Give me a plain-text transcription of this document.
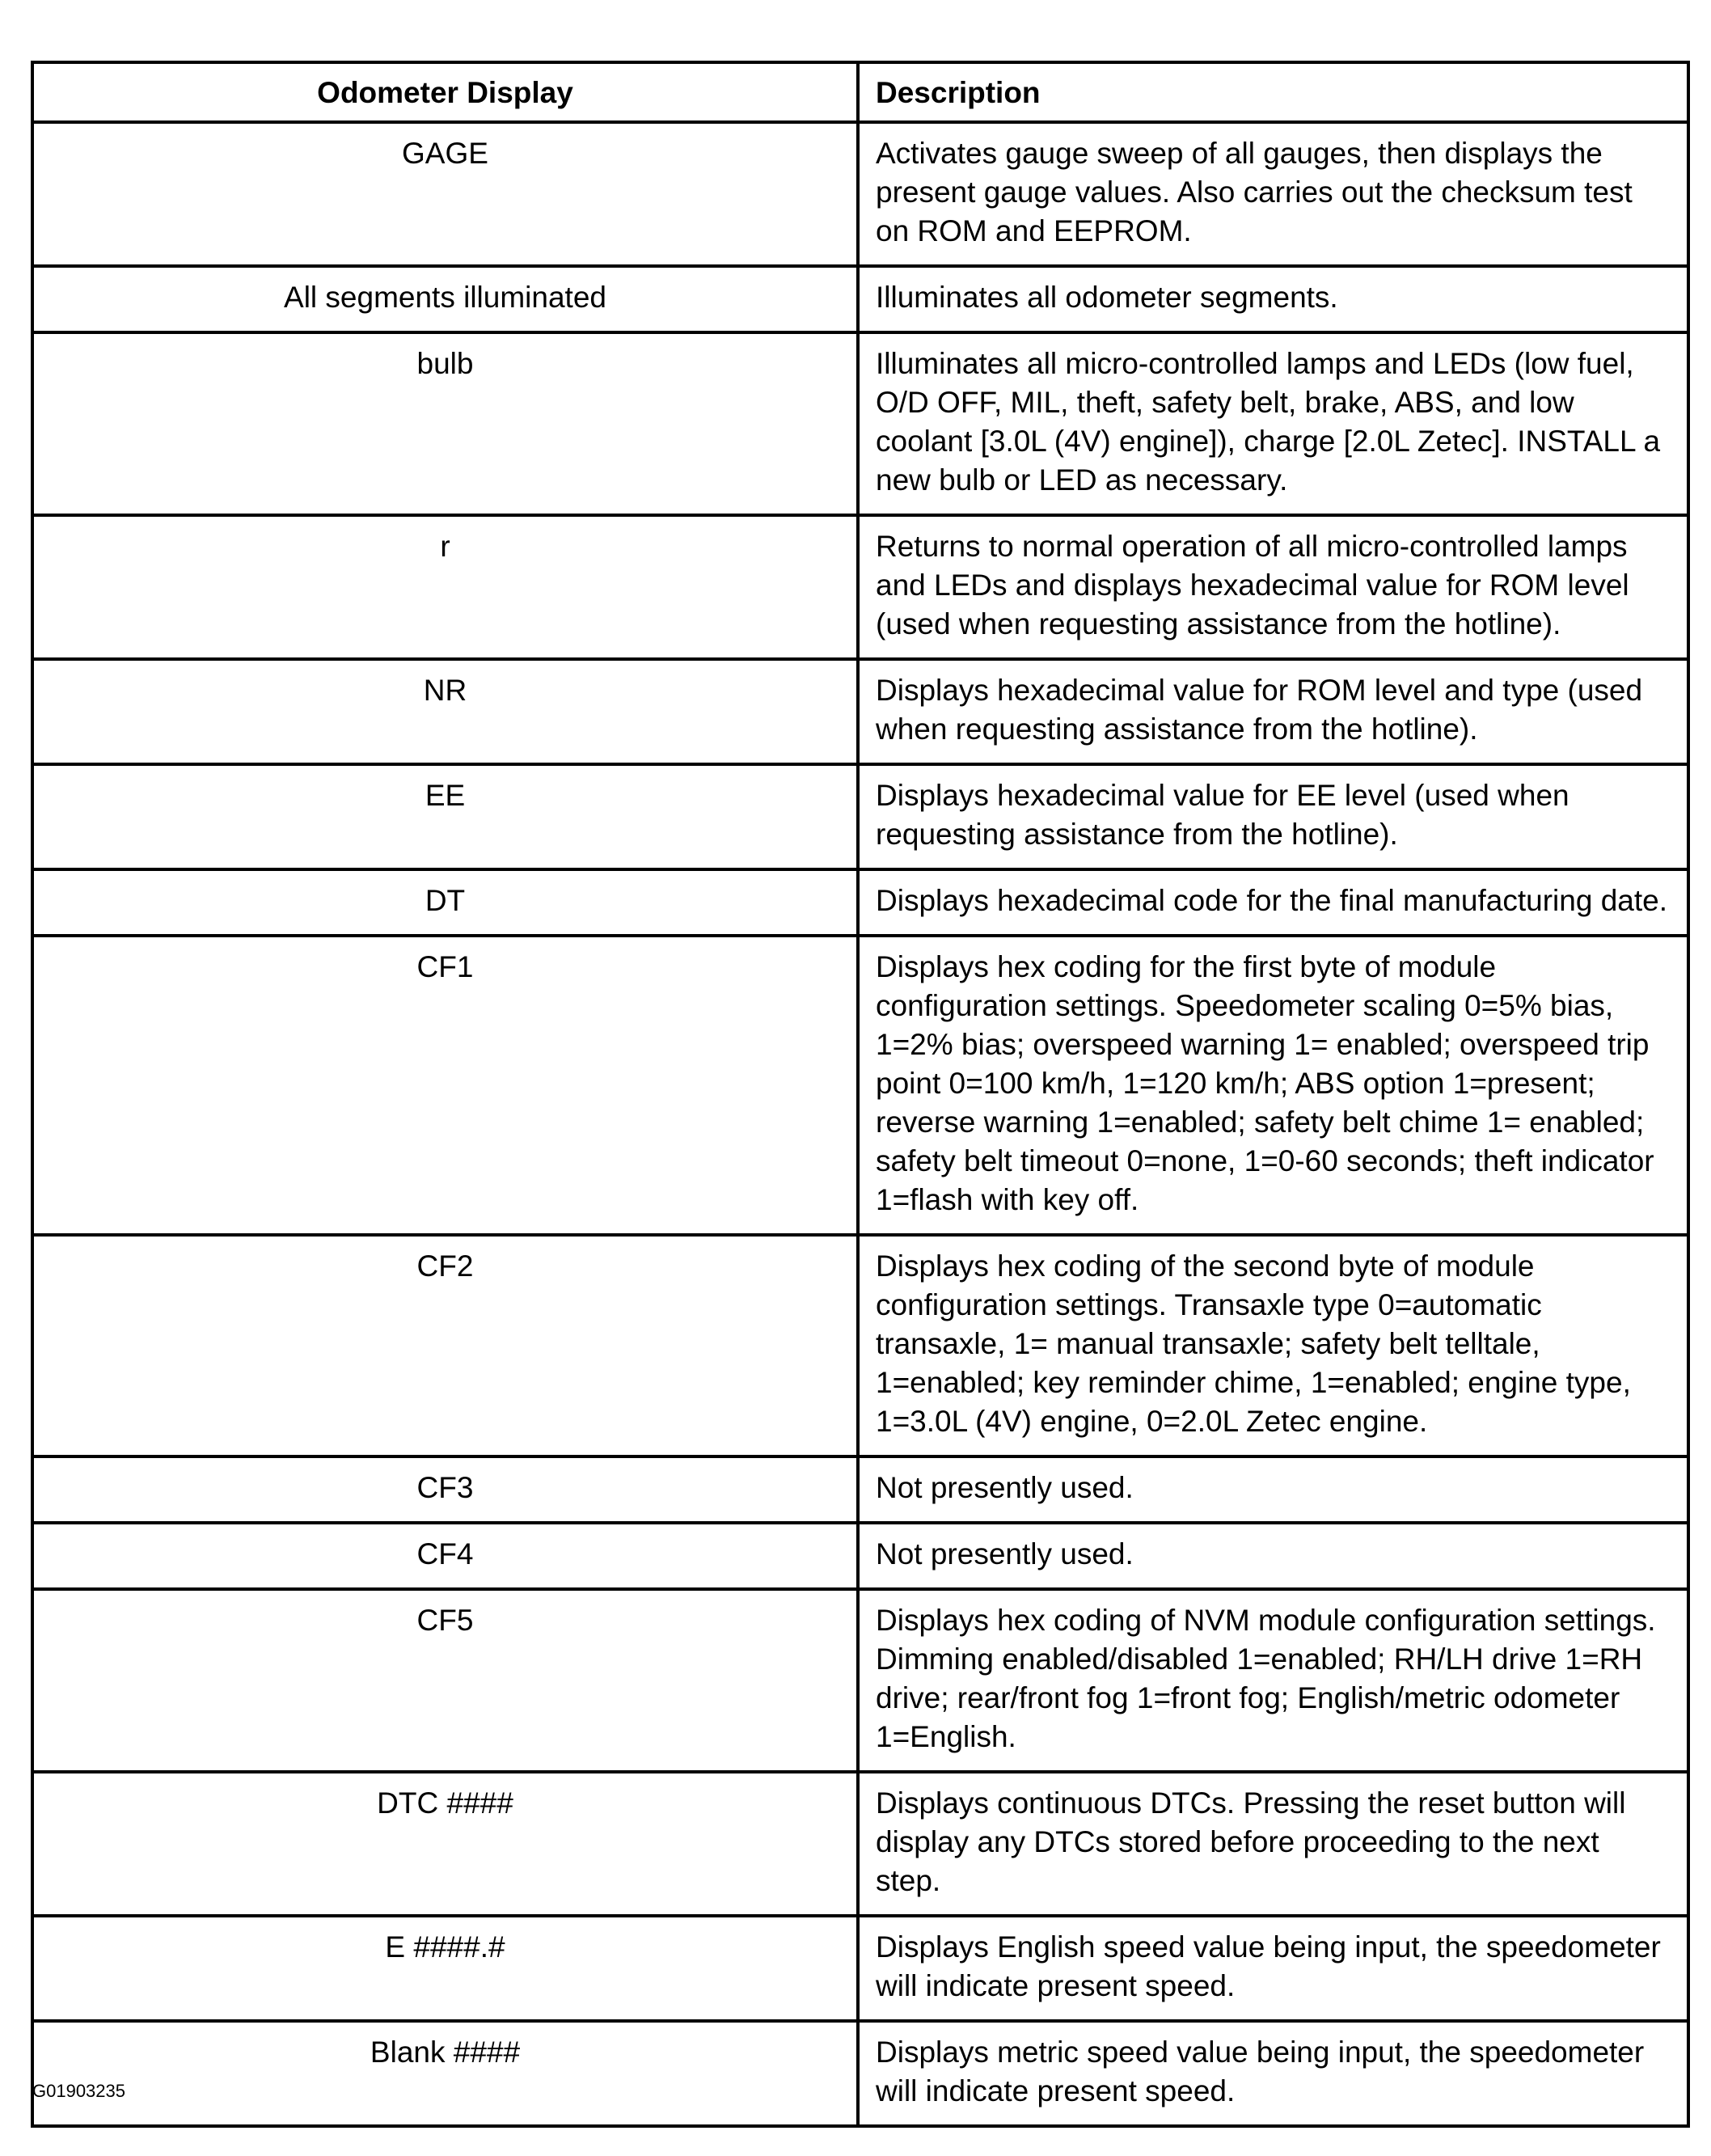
Odometer Display	Description
GAGE	Activates gauge sweep of all gauges, then displays the present gauge values. Also carries out the checksum test on ROM and EEPROM.
All segments illuminated	Illuminates all odometer segments.
bulb	Illuminates all micro-controlled lamps and LEDs (low fuel, O/D OFF, MIL, theft, safety belt, brake, ABS, and low coolant [3.0L (4V) engine]), charge [2.0L Zetec]. INSTALL a new bulb or LED as necessary.
r	Returns to normal operation of all micro-controlled lamps and LEDs and displays hexadecimal value for ROM level (used when requesting assistance from the hotline).
NR	Displays hexadecimal value for ROM level and type (used when requesting assistance from the hotline).
EE	Displays hexadecimal value for EE level (used when requesting assistance from the hotline).
DT	Displays hexadecimal code for the final manufacturing date.
CF1	Displays hex coding for the first byte of module configuration settings. Speedometer scaling 0=5% bias, 1=2% bias; overspeed warning 1= enabled; overspeed trip point 0=100 km/h, 1=120 km/h; ABS option 1=present; reverse warning 1=enabled; safety belt chime 1= enabled; safety belt timeout 0=none, 1=0-60 seconds; theft indicator 1=flash with key off.
CF2	Displays hex coding of the second byte of module configuration settings. Transaxle type 0=automatic transaxle, 1= manual transaxle; safety belt telltale, 1=enabled; key reminder chime, 1=enabled; engine type, 1=3.0L (4V) engine, 0=2.0L Zetec engine.
CF3	Not presently used.
CF4	Not presently used.
CF5	Displays hex coding of NVM module configuration settings. Dimming enabled/disabled 1=enabled; RH/LH drive 1=RH drive; rear/front fog 1=front fog; English/metric odometer 1=English.
DTC ####	Displays continuous DTCs. Pressing the reset button will display any DTCs stored before proceeding to the next step.
E ####.#	Displays English speed value being input, the speedometer will indicate present speed.
Blank ####	Displays metric speed value being input, the speedometer will indicate present speed.
G01903235
